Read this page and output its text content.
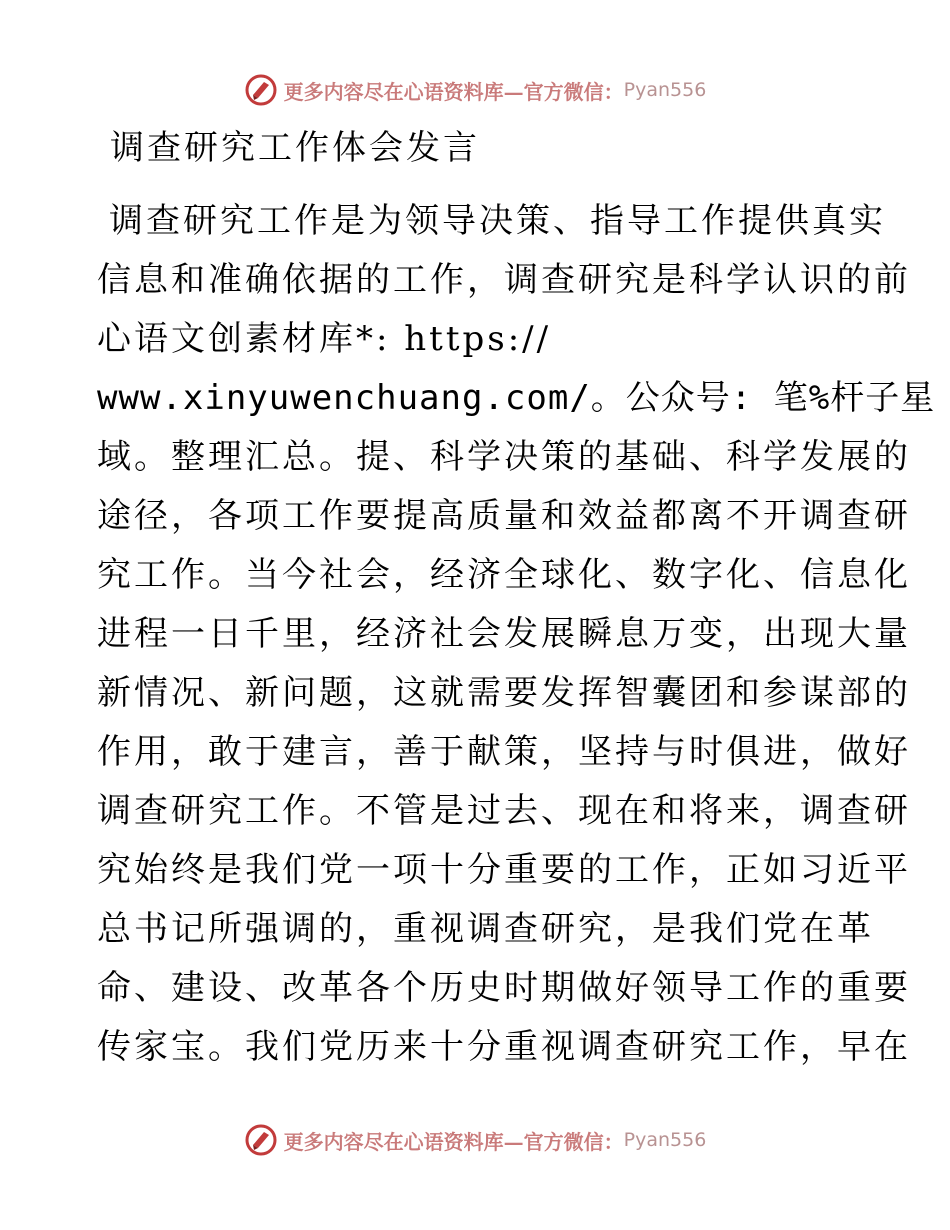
更多内容尽在心语资料库—官方微信： Pyan556
调查研究工作体会发言
调查研究工作是为领导决策、指导工作提供真实
信息和准确依据的工作，调查研究是科学认识的前
心语文创素材库*: https://
www.xinyuwenchuang.com/。公众号: 笔%杆子星
域。整理汇总。提、科学决策的基础、科学发展的
途径，各项工作要提高质量和效益都离不开调查研
究工作。当今社会，经济全球化、数字化、信息化
进程一日千里，经济社会发展瞬息万变，出现大量
新情况、新问题，这就需要发挥智囊团和参谋部的
作用，敢于建言，善于献策，坚持与时俱进，做好
调查研究工作。不管是过去、现在和将来，调查研
究始终是我们党一项十分重要的工作，正如习近平
总书记所强调的，重视调查研究，是我们党在革
命、建设、改革各个历史时期做好领导工作的重要
传家宝。我们党历来十分重视调查研究工作，早在
更多内容尽在心语资料库—官方微信： Pyan556
